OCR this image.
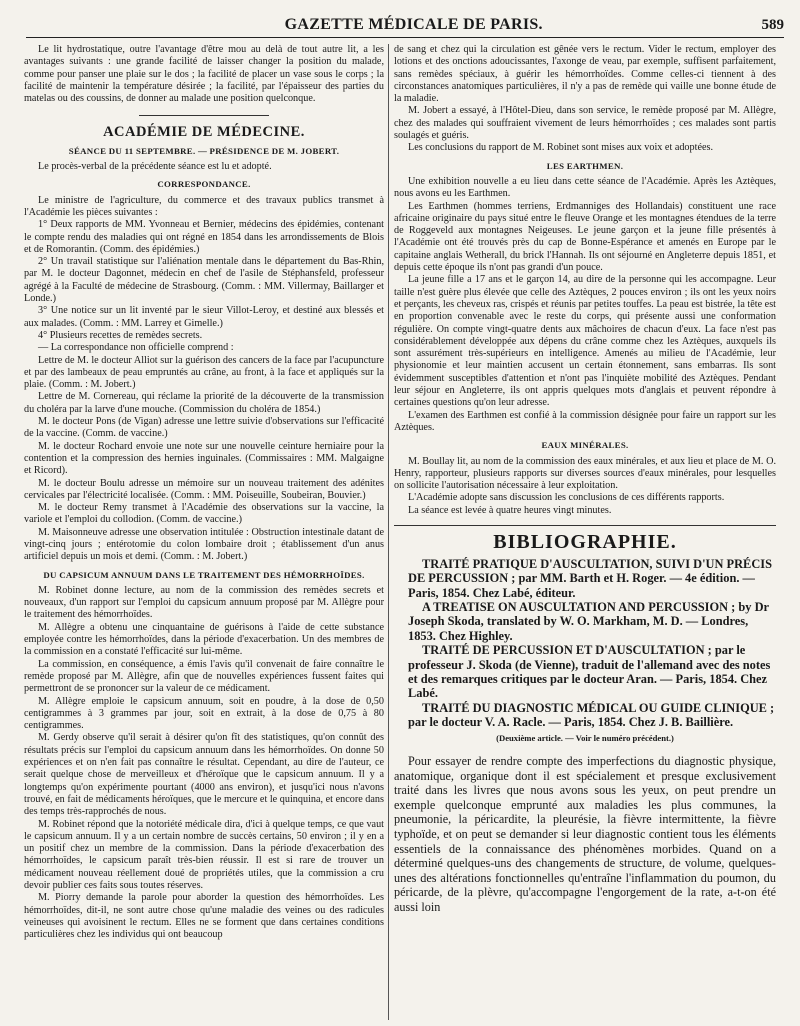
GAZETTE MÉDICALE DE PARIS.	589

Le lit hydrostatique, outre l'avantage d'être mou au delà de tout autre lit, a les avantages suivants : une grande facilité de laisser changer la position du malade, comme pour panser une plaie sur le dos ; la facilité de placer un vase sous le corps ; la facilité de maintenir la température désirée ; la facilité, par l'épaisseur des parties du matelas ou des coussins, de donner au malade une position quelconque.

ACADÉMIE DE MÉDECINE.
SÉANCE DU 11 SEPTEMBRE. — PRÉSIDENCE DE M. JOBERT.

Le procès-verbal de la précédente séance est lu et adopté.

CORRESPONDANCE.

Le ministre de l'agriculture, du commerce et des travaux publics transmet à l'Académie les pièces suivantes :

1° Deux rapports de MM. Yvonneau et Bernier, médecins des épidémies, contenant le compte rendu des maladies qui ont régné en 1854 dans les arrondissements de Blois et de Romorantin. (Comm. des épidémies.)

2° Un travail statistique sur l'aliénation mentale dans le département du Bas-Rhin, par M. le docteur Dagonnet, médecin en chef de l'asile de Stéphansfeld, professeur agrégé à la Faculté de médecine de Strasbourg. (Comm. : MM. Villermay, Baillarger et Londe.)

3° Une notice sur un lit inventé par le sieur Villot-Leroy, et destiné aux blessés et aux malades. (Comm. : MM. Larrey et Gimelle.)

4° Plusieurs recettes de remèdes secrets.

— La correspondance non officielle comprend :

Lettre de M. le docteur Alliot sur la guérison des cancers de la face par l'acupuncture et par des lambeaux de peau empruntés au crâne, au front, à la face et appliqués sur la plaie. (Comm. : M. Jobert.)

Lettre de M. Cornereau, qui réclame la priorité de la découverte de la transmission du choléra par la larve d'une mouche. (Commission du choléra de 1854.)

M. le docteur Pons (de Vigan) adresse une lettre suivie d'observations sur l'efficacité de la vaccine. (Comm. de vaccine.)

M. le docteur Rochard envoie une note sur une nouvelle ceinture herniaire pour la contention et la compression des hernies inguinales. (Commissaires : MM. Malgaigne et Ricord).

M. le docteur Boulu adresse un mémoire sur un nouveau traitement des adénites cervicales par l'électricité localisée. (Comm. : MM. Poiseuille, Soubeiran, Bouvier.)

M. le docteur Remy transmet à l'Académie des observations sur la vaccine, la variole et l'emploi du collodion. (Comm. de vaccine.)

M. Maisonneuve adresse une observation intitulée : Obstruction intestinale datant de vingt-cinq jours ; entérotomie du colon lombaire droit ; établissement d'un anus artificiel depuis un mois et demi. (Comm. : M. Jobert.)

DU CAPSICUM ANNUUM DANS LE TRAITEMENT DES HÉMORRHOÏDES.

M. Robinet donne lecture, au nom de la commission des remèdes secrets et nouveaux, d'un rapport sur l'emploi du capsicum annuum proposé par M. Allègre pour le traitement des hémorrhoïdes.

M. Allègre a obtenu une cinquantaine de guérisons à l'aide de cette substance employée contre les hémorrhoïdes, dans la période d'exacerbation. Un des membres de la commission en a constaté l'efficacité sur lui-même.

La commission, en conséquence, a émis l'avis qu'il convenait de faire connaître le remède proposé par M. Allègre, afin que de nouvelles expériences fussent faites qui permettront de se prononcer sur la valeur de ce médicament.

M. Allègre emploie le capsicum annuum, soit en poudre, à la dose de 0,50 centigrammes à 3 grammes par jour, soit en extrait, à la dose de 0,75 à 80 centigrammes.

M. Gerdy observe qu'il serait à désirer qu'on fît des statistiques, qu'on connût des résultats précis sur l'emploi du capsicum annuum dans les hémorrhoïdes. On donne 50 expériences et on n'en fait pas connaître le résultat. Cependant, au dire de l'auteur, ce serait quelque chose de merveilleux et d'héroïque que le capsicum annuum. Il y a longtemps qu'on expérimente pourtant (4000 ans environ), et jusqu'ici nous n'avons trouvé, en fait de médicaments héroïques, que le mercure et le quinquina, et encore dans des temps très-rapprochés de nous.

M. Robinet répond que la notoriété médicale dira, d'ici à quelque temps, ce que vaut le capsicum annuum. Il y a un certain nombre de succès certains, 50 environ ; il y en a un positif chez un membre de la commission. Dans la période d'exacerbation des hémorrhoïdes, le capsicum paraît très-bien réussir. Il est si rare de trouver un médicament nouveau réellement doué de propriétés utiles, que la commission a cru devoir publier ces faits sous toutes réserves.

M. Piorry demande la parole pour aborder la question des hémorrhoïdes. Les hémorrhoïdes, dit-il, ne sont autre chose qu'une maladie des veines ou des radicules veineuses qui avoisinent le rectum. Elles ne se forment que dans certaines conditions particulières chez les individus qui ont beaucoup

de sang et chez qui la circulation est gênée vers le rectum. Vider le rectum, employer des lotions et des onctions adoucissantes, l'axonge de veau, par exemple, suffisent parfaitement, sans remèdes spéciaux, à guérir les hémorrhoïdes. Comme celles-ci tiennent à des circonstances anatomiques particulières, il n'y a pas de remède qui vaille une bonne étude de la maladie.

M. Jobert a essayé, à l'Hôtel-Dieu, dans son service, le remède proposé par M. Allègre, chez des malades qui souffraient vivement de leurs hémorrhoïdes ; ces malades sont partis soulagés et guéris.

Les conclusions du rapport de M. Robinet sont mises aux voix et adoptées.

LES EARTHMEN.

Une exhibition nouvelle a eu lieu dans cette séance de l'Académie. Après les Aztèques, nous avons eu les Earthmen.

Les Earthmen (hommes terriens, Erdmanniges des Hollandais) constituent une race africaine originaire du pays situé entre le fleuve Orange et les montagnes étendues de la terre de Roggeveld aux montagnes Neigeuses. Le jeune garçon et la jeune fille présentés à l'Académie ont été trouvés près du cap de Bonne-Espérance et amenés en Europe par le capitaine anglais Wetherall, du brick l'Hannah. Ils ont séjourné en Angleterre depuis 1851, et depuis cette époque ils n'ont pas grandi d'un pouce.

La jeune fille a 17 ans et le garçon 14, au dire de la personne qui les accompagne. Leur taille n'est guère plus élevée que celle des Aztèques, 2 pouces environ ; ils ont les yeux noirs et perçants, les cheveux ras, crispés et réunis par petites touffes. La peau est bistrée, la tête est en proportion convenable avec le reste du corps, qui présente aussi une conformation régulière. On compte vingt-quatre dents aux mâchoires de chacun d'eux. La face n'est pas considérablement développée aux dépens du crâne comme chez les Aztèques, auxquels ils sont assurément très-supérieurs en intelligence. Amenés au milieu de l'Académie, leur physionomie et leur maintien accusent un certain étonnement, sans embarras. Ils sont évidemment susceptibles d'attention et n'ont pas l'inquiète mobilité des Aztèques. Pendant leur séjour en Angleterre, ils ont appris quelques mots d'anglais et peuvent répondre à certaines questions qu'on leur adresse.

L'examen des Earthmen est confié à la commission désignée pour faire un rapport sur les Aztèques.

EAUX MINÉRALES.

M. Boullay lit, au nom de la commission des eaux minérales, et aux lieu et place de M. O. Henry, rapporteur, plusieurs rapports sur diverses sources d'eaux minérales, pour lesquelles on sollicite l'autorisation nécessaire à leur exploitation.

L'Académie adopte sans discussion les conclusions de ces différents rapports.

La séance est levée à quatre heures vingt minutes.

BIBLIOGRAPHIE.

TRAITÉ PRATIQUE D'AUSCULTATION, SUIVI D'UN PRÉCIS DE PERCUSSION ; par MM. Barth et H. Roger. — 4e édition. — Paris, 1854. Chez Labé, éditeur.

A TREATISE ON AUSCULTATION AND PERCUSSION ; by Dr Joseph Skoda, translated by W. O. Markham, M. D. — Londres, 1853. Chez Highley.

TRAITÉ DE PERCUSSION ET D'AUSCULTATION ; par le professeur J. Skoda (de Vienne), traduit de l'allemand avec des notes et des remarques critiques par le docteur Aran. — Paris, 1854. Chez Labé.

TRAITÉ DU DIAGNOSTIC MÉDICAL OU GUIDE CLINIQUE ; par le docteur V. A. Racle. — Paris, 1854. Chez J. B. Baillière.

(Deuxième article. — Voir le numéro précédent.)

Pour essayer de rendre compte des imperfections du diagnostic physique, anatomique, organique dont il est spécialement et presque exclusivement traité dans les livres que nous avons sous les yeux, on peut prendre un exemple quelconque emprunté aux maladies les plus communes, la pneumonie, la péricardite, la pleurésie, la fièvre intermittente, la fièvre typhoïde, et on peut se demander si leur diagnostic contient tous les éléments essentiels de la connaissance des phénomènes morbides. Quand on a déterminé quelques-uns des changements de structure, de volume, quelques-unes des altérations fonctionnelles qu'entraîne l'inflammation du poumon, du péricarde, de la plèvre, qu'accompagne l'engorgement de la rate, a-t-on été aussi loin
